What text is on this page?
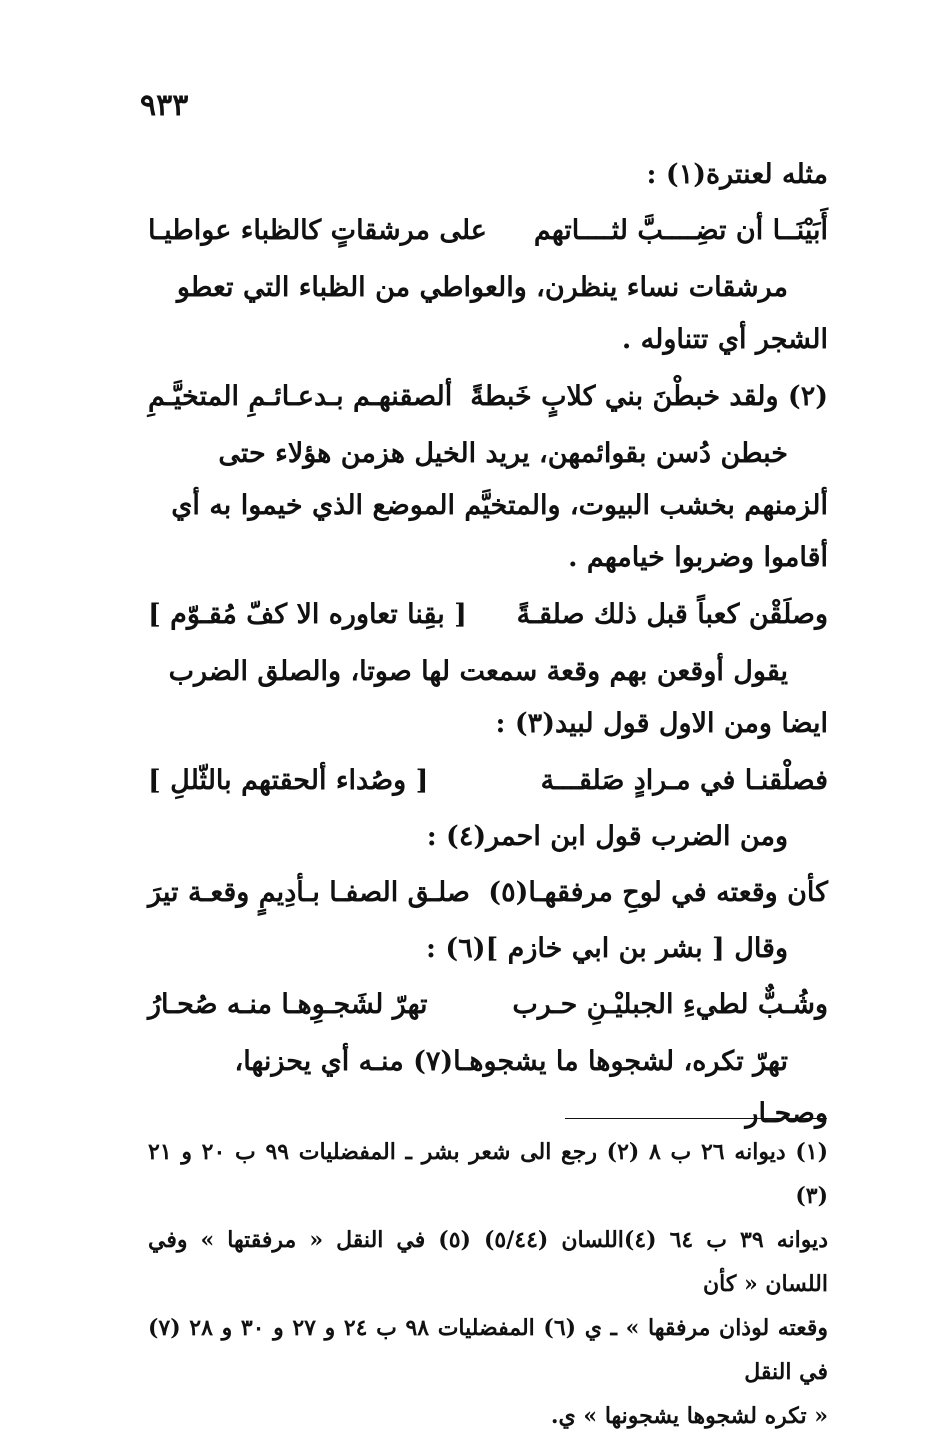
٩٣٣
مثله لعنترة(١) :
أَبَيْنَــا أن تضِــــبَّ لثــــاتهم
على مرشقاتٍ كالظباء عواطيـا

مرشقات نساء ينظرن، والعواطي من الظباء التي تعطو الشجر أي تتناوله .

(٢) ولقد خبطْنَ بني كلابٍ خَبطةً
ألصقنهـم بـدعـائـمِ المتخيَّـمِ

خبطن دُسن بقوائمهن، يريد الخيل هزمن هؤلاء حتى ألزمنهم بخشب البيوت، والمتخيَّم الموضع الذي خيموا به أي أقاموا وضربوا خيامهم .

وصلَقْن كعباً قبل ذلك صلقـةً
[ بقِنا تعاوره الا كفّ مُقـوّم ]

يقول أوقعن بهم وقعة سمعت لها صوتا، والصلق الضرب ايضا ومن الاول قول لبيد(٣) :

فصلْقنـا في مـرادٍ صَلقـــة
[ وصُداء ألحقتهم بالثّللِ ]
ومن الضرب قول ابن احمر(٤) :
كأن وقعته في لوحِ مرفقهـا(٥)
صلـق الصفـا بـأدِيمٍ وقعـة تيرَ
وقال [ بشر بن ابي خازم ](٦) :
وشُـبٌّ لطيءِ الجبليْـنِ حـرب
تهرّ لشَجـوِهـا منـه صُحـارُ

تهرّ تكره، لشجوها ما يشجوهـا(٧) منـه أي يحزنها، وصحـار

(١) ديوانه ٢٦ ب ٨ (٢) رجع الى شعر بشر ـ المفضليات ٩٩ ب ٢٠ و ٢١ (٣)

ديوانه ٣٩ ب ٦٤ (٤)اللسان (٥/٤٤) (٥) في النقل « مرفقتها » وفي اللسان « كأن

وقعته لوذان مرفقها » ـ ي (٦) المفضليات ٩٨ ب ٢٤ و ٢٧ و ٣٠ و ٢٨ (٧) في النقل

« تكره لشجوها يشجونها » ي.
